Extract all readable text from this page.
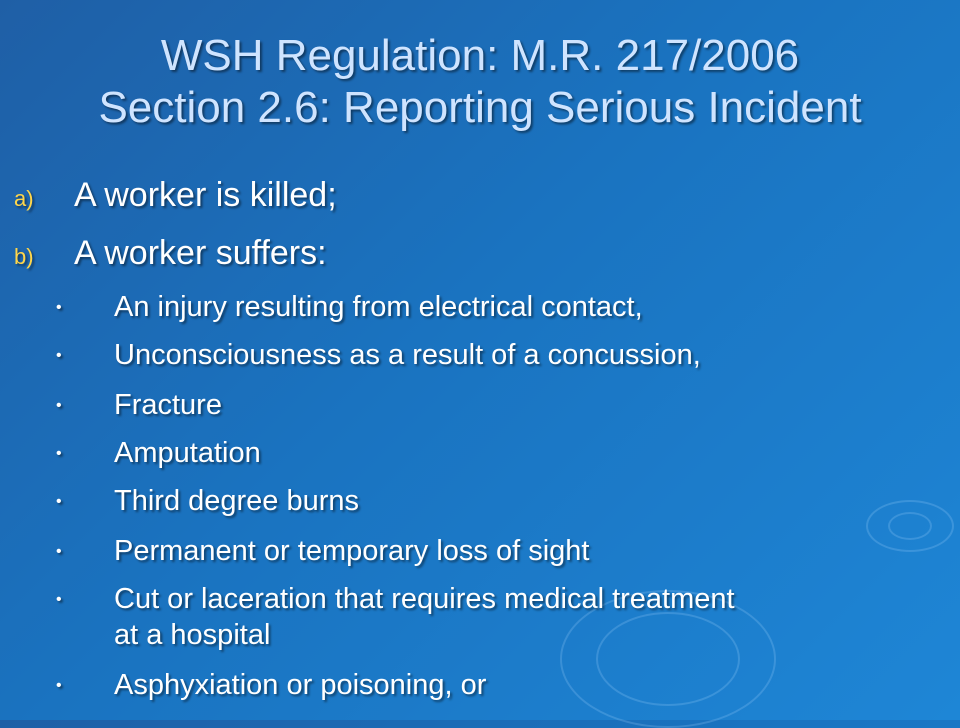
WSH Regulation: M.R. 217/2006
Section 2.6: Reporting Serious Incident
a) A worker is killed;
b) A worker suffers:
• An injury resulting from electrical contact,
• Unconsciousness as a result of a concussion,
• Fracture
• Amputation
• Third degree burns
• Permanent or temporary loss of sight
• Cut or laceration that requires medical treatment
at a hospital
• Asphyxiation or poisoning, or
